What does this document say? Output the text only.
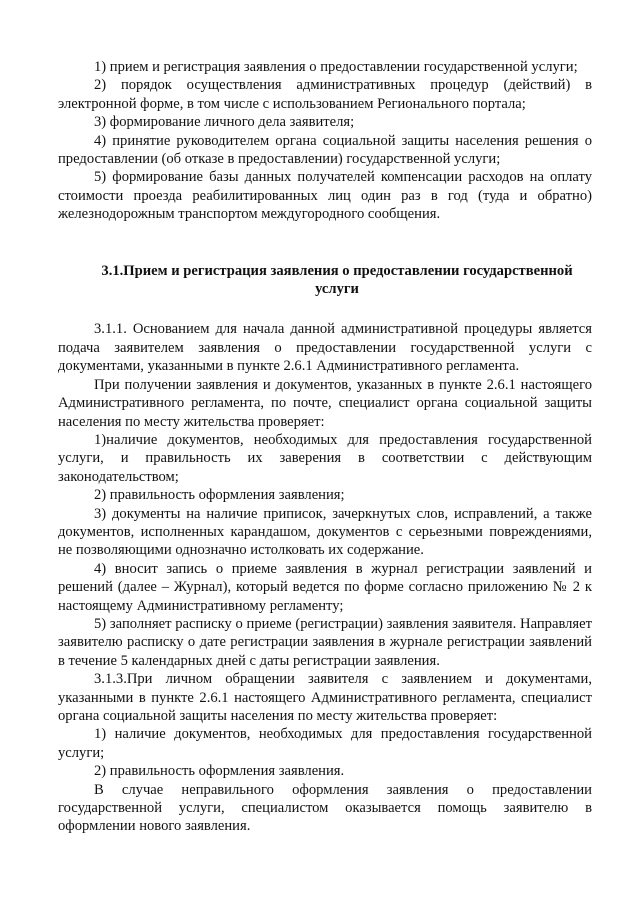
1) прием и регистрация заявления о предоставлении государственной услуги;

2) порядок осуществления административных процедур (действий) в электронной форме, в том числе с использованием Регионального портала;

3) формирование личного дела заявителя;

4) принятие руководителем органа социальной защиты населения решения о предоставлении (об отказе в предоставлении) государственной услуги;

5) формирование базы данных получателей компенсации расходов на оплату стоимости проезда реабилитированных лиц один раз в год (туда и обратно) железнодорожным транспортом междугородного сообщения.

3.1.Прием и регистрация заявления о предоставлении государственной
услуги

3.1.1. Основанием для начала данной административной процедуры является подача заявителем заявления о предоставлении государственной услуги с документами, указанными в пункте 2.6.1 Административного регламента.

При получении заявления и документов, указанных в пункте 2.6.1 настоящего Административного регламента, по почте, специалист органа социальной защиты населения по месту жительства проверяет:

1)наличие документов, необходимых для предоставления государственной услуги, и правильность их заверения в соответствии с действующим законодательством;

2) правильность оформления заявления;

3) документы на наличие приписок, зачеркнутых слов, исправлений, а также документов, исполненных карандашом, документов с серьезными повреждениями, не позволяющими однозначно истолковать их содержание.

4) вносит запись о приеме заявления в журнал регистрации заявлений и решений (далее – Журнал), который ведется по форме согласно приложению № 2 к настоящему Административному регламенту;

5) заполняет расписку о приеме (регистрации) заявления заявителя. Направляет заявителю расписку о дате регистрации заявления в журнале регистрации заявлений в течение 5 календарных дней с даты регистрации заявления.

3.1.3.При личном обращении заявителя с заявлением и документами, указанными в пункте 2.6.1 настоящего Административного регламента, специалист органа социальной защиты населения по месту жительства проверяет:

1) наличие документов, необходимых для предоставления государственной услуги;

2) правильность оформления заявления.

В случае неправильного оформления заявления о предоставлении государственной услуги, специалистом оказывается помощь заявителю в оформлении нового заявления.
